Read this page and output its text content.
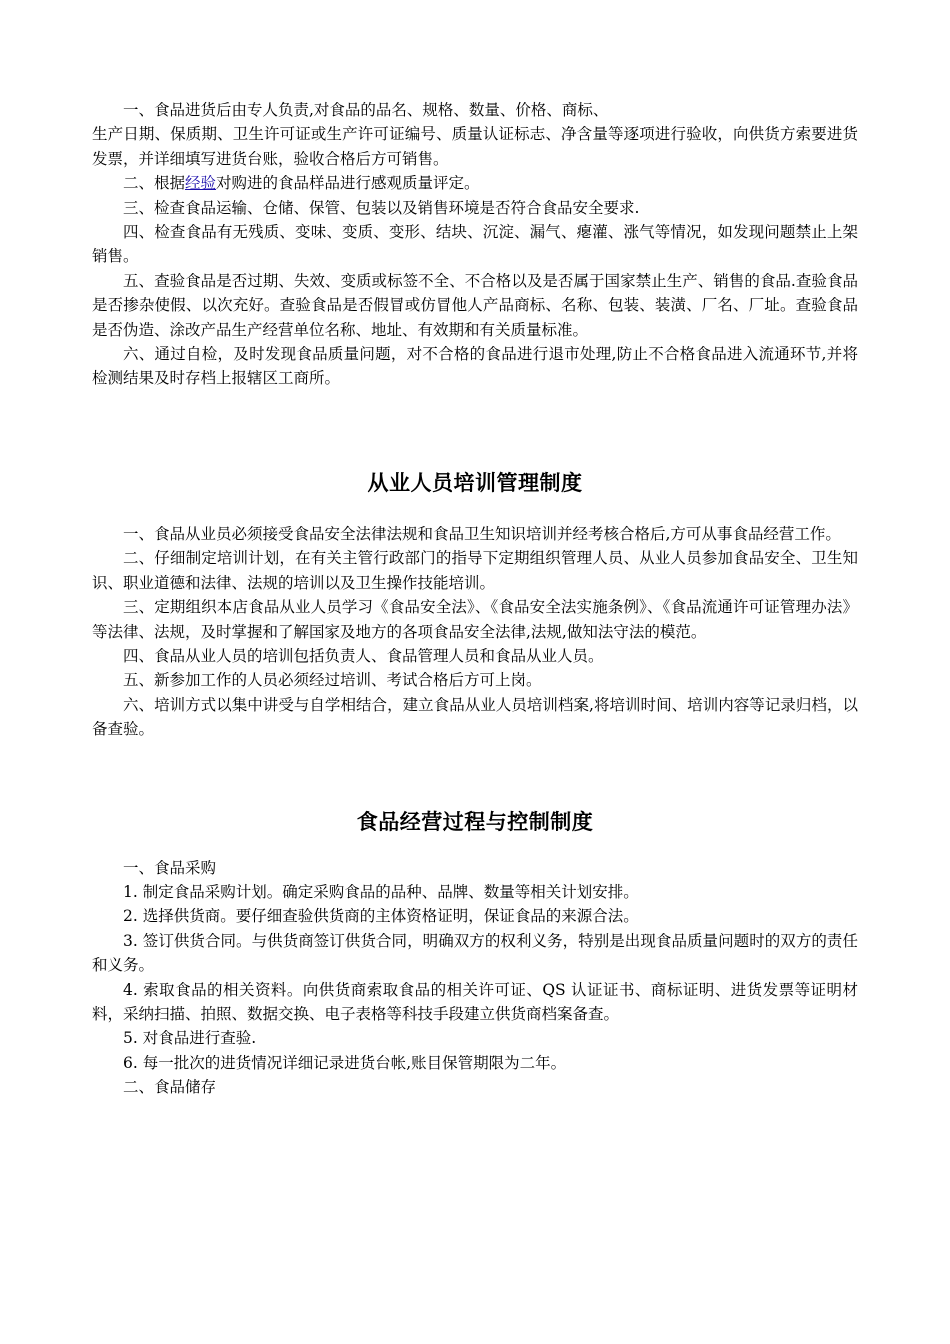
一、食品进货后由专人负责,对食品的品名、规格、数量、价格、商标、
生产日期、保质期、卫生许可证或生产许可证编号、质量认证标志、净含量等逐项进行验收，向供货方索要进货发票，并详细填写进货台账，验收合格后方可销售。

二、根据经验对购进的食品样品进行感观质量评定。

三、检查食品运输、仓储、保管、包装以及销售环境是否符合食品安全要求.

四、检查食品有无残质、变味、变质、变形、结块、沉淀、漏气、瘪灌、涨气等情况，如发现问题禁止上架销售。

五、查验食品是否过期、失效、变质或标签不全、不合格以及是否属于国家禁止生产、销售的食品.查验食品是否掺杂使假、以次充好。查验食品是否假冒或仿冒他人产品商标、名称、包装、装潢、厂名、厂址。查验食品是否伪造、涂改产品生产经营单位名称、地址、有效期和有关质量标准。

六、通过自检，及时发现食品质量问题，对不合格的食品进行退市处理,防止不合格食品进入流通环节,并将检测结果及时存档上报辖区工商所。

从业人员培训管理制度

一、食品从业员必须接受食品安全法律法规和食品卫生知识培训并经考核合格后,方可从事食品经营工作。

二、仔细制定培训计划，在有关主管行政部门的指导下定期组织管理人员、从业人员参加食品安全、卫生知识、职业道德和法律、法规的培训以及卫生操作技能培训。

三、定期组织本店食品从业人员学习《食品安全法》、《食品安全法实施条例》、《食品流通许可证管理办法》等法律、法规，及时掌握和了解国家及地方的各项食品安全法律,法规,做知法守法的模范。

四、食品从业人员的培训包括负责人、食品管理人员和食品从业人员。

五、新参加工作的人员必须经过培训、考试合格后方可上岗。

六、培训方式以集中讲受与自学相结合，建立食品从业人员培训档案,将培训时间、培训内容等记录归档，以备查验。

食品经营过程与控制制度

一、食品采购

1. 制定食品采购计划。确定采购食品的品种、品牌、数量等相关计划安排。

2. 选择供货商。要仔细查验供货商的主体资格证明，保证食品的来源合法。

3. 签订供货合同。与供货商签订供货合同，明确双方的权利义务，特别是出现食品质量问题时的双方的责任和义务。

4. 索取食品的相关资料。向供货商索取食品的相关许可证、QS 认证证书、商标证明、进货发票等证明材料，采纳扫描、拍照、数据交换、电子表格等科技手段建立供货商档案备查。

5. 对食品进行查验.

6. 每一批次的进货情况详细记录进货台帐,账目保管期限为二年。

二、食品储存
